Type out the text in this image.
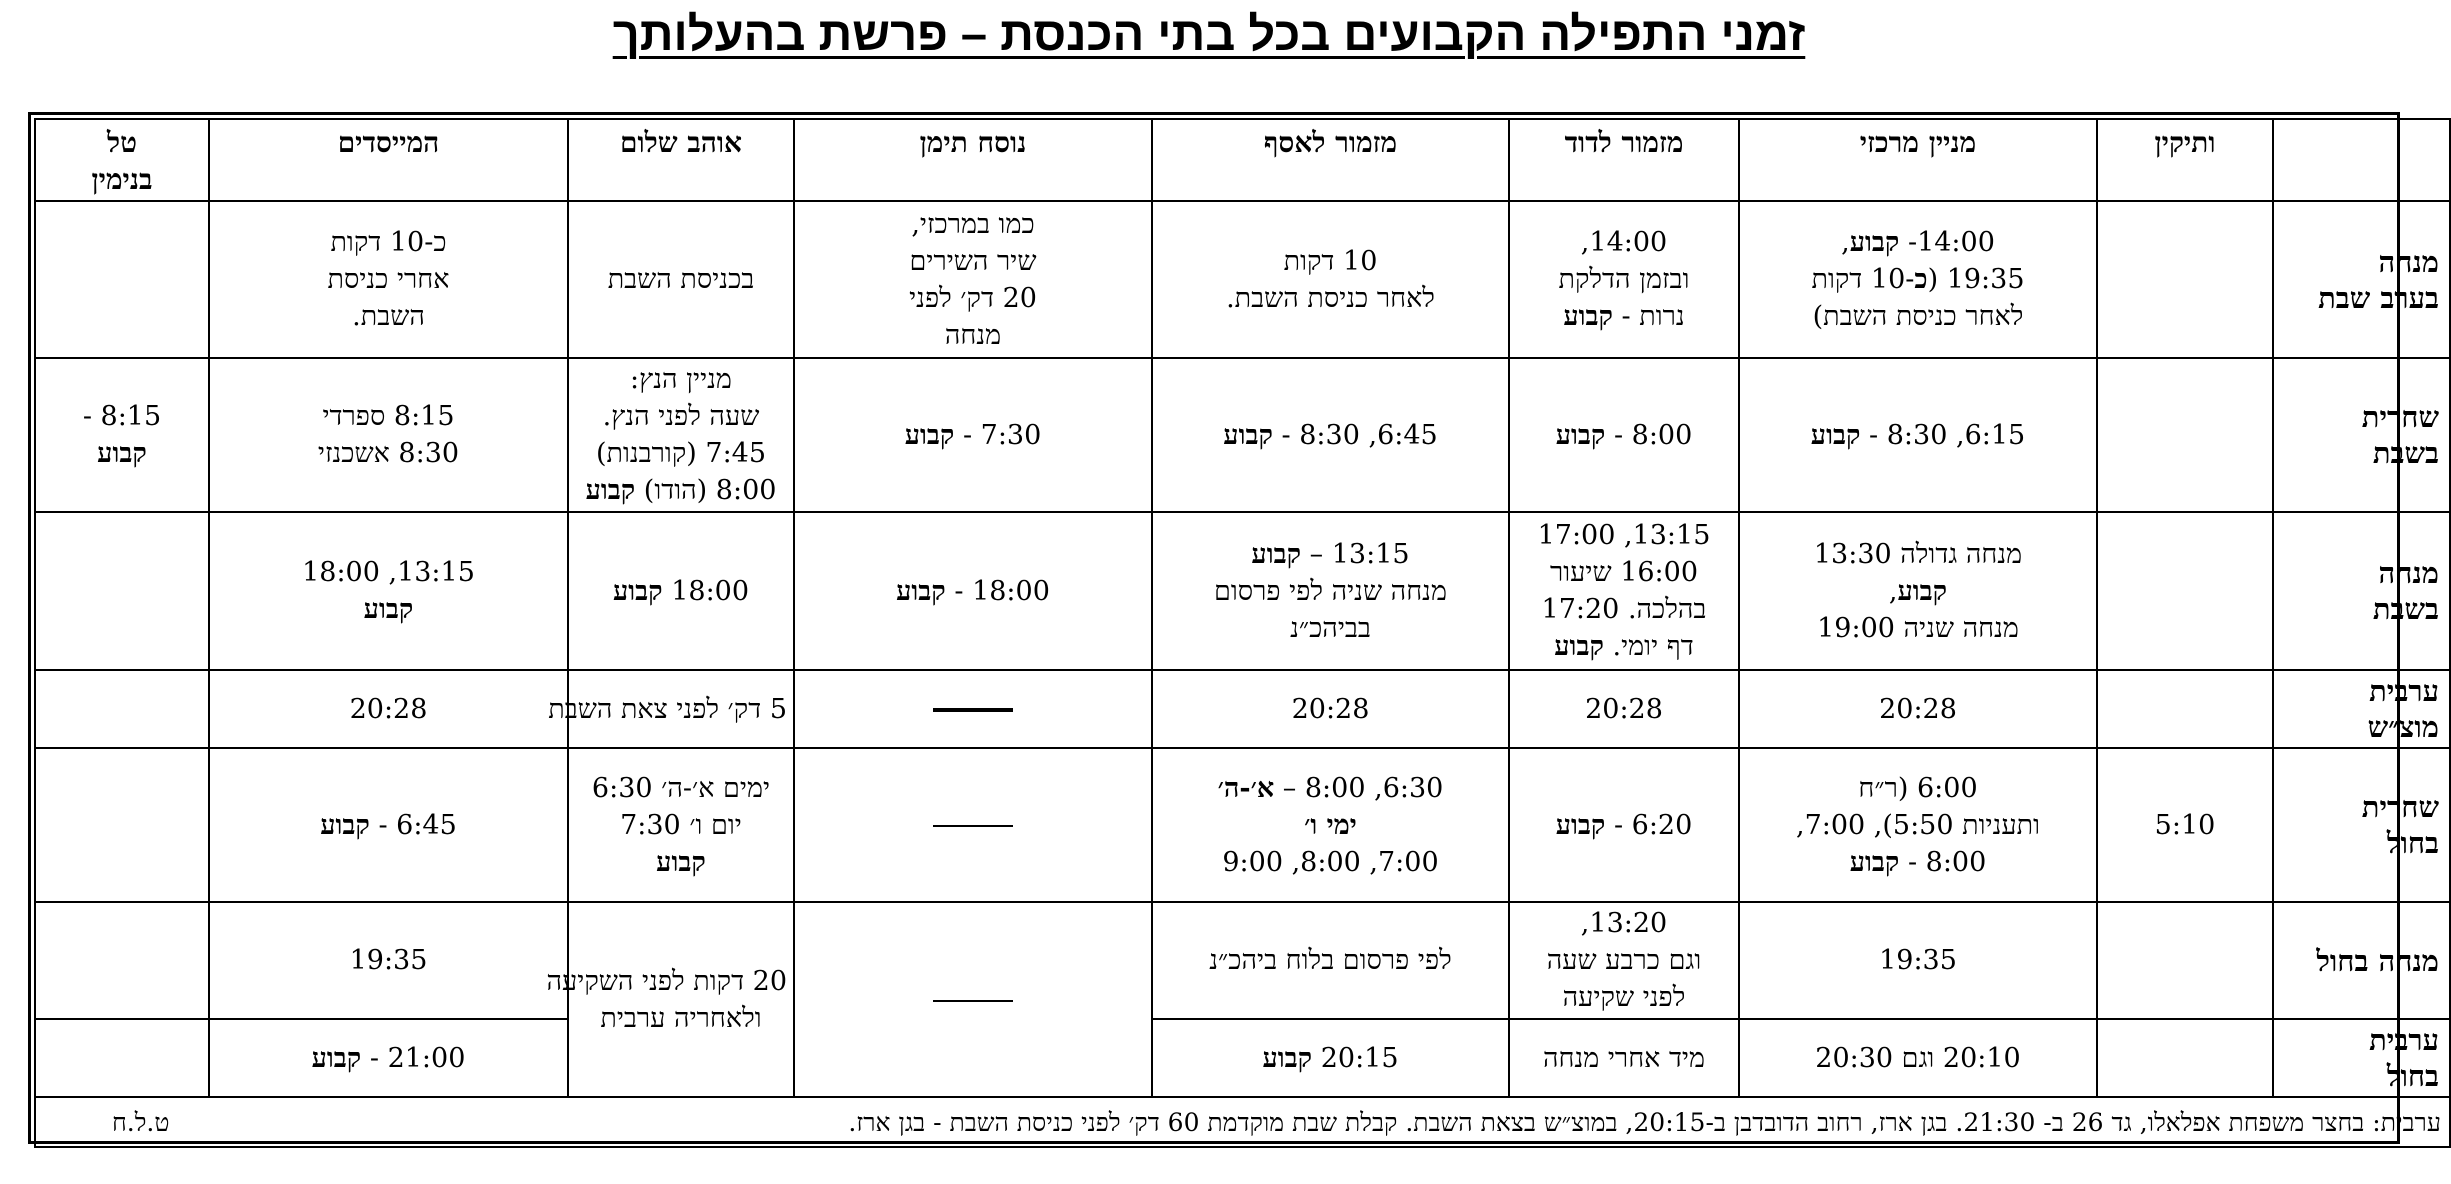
זמני התפילה הקבועים בכל בתי הכנסת – פרשת בהעלותך

	ותיקין	מניין מרכזי	מזמור לדוד	מזמור לאסף	נוסח תימן	אוהב שלום	המייסדים	טל
בנימין

מנחה
בערב שבת		14:00- קבוע,
19:35 (כ-10 דקות
לאחר כניסת השבת)	14:00,
ובזמן הדלקת
נרות - קבוע	10 דקות
לאחר כניסת השבת.	כמו במרכזי,
שיר השירים
20 דק׳ לפני
מנחה	בכניסת השבת	כ-10 דקות
אחרי כניסת
השבת.	

שחרית
בשבת		6:15, 8:30 - קבוע	8:00 - קבוע	6:45, 8:30 - קבוע	7:30 - קבוע	מניין הנץ:
שעה לפני הנץ.
7:45 (קורבנות)
8:00 (הודו) קבוע	8:15 ספרדי
8:30 אשכנזי	8:15 -
קבוע

מנחה
בשבת		מנחה גדולה 13:30
קבוע,
מנחה שניה 19:00	13:15, 17:00
16:00 שיעור
בהלכה. 17:20
דף יומי. קבוע	13:15 – קבוע
מנחה שניה לפי פרסום
בביהכ״נ	18:00 - קבוע	18:00 קבוע	13:15, 18:00
קבוע	

ערבית
מוצ״ש		20:28	20:28	20:28		5 דק׳ לפני צאת השבת	20:28	

שחרית
בחול	5:10	6:00 (ר״ח
ותעניות 5:50), 7:00,
8:00 - קבוע	6:20 - קבוע	6:30, 8:00 – א׳-ה׳
ימי ו׳
7:00, 8:00, 9:00		ימים א׳-ה׳ 6:30
יום ו׳ 7:30
קבוע	6:45 - קבוע	

מנחה בחול		19:35	13:20,
וגם כרבע שעה
לפני שקיעה	לפי פרסום בלוח ביהכ״נ		20 דקות לפני השקיעה
ולאחריה ערבית	19:35	

ערבית
בחול		20:10 וגם 20:30	מיד אחרי מנחה	20:15 קבוע			21:00 - קבוע	

ערבית: בחצר משפחת אפלאלו, גד 26 ב- 21:30. בגן ארז, רחוב הדובדבן ב-20:15, במוצ״ש בצאת השבת. קבלת שבת מוקדמת 60 דק׳ לפני כניסת השבת - בגן ארז.
ט.ל.ח								
